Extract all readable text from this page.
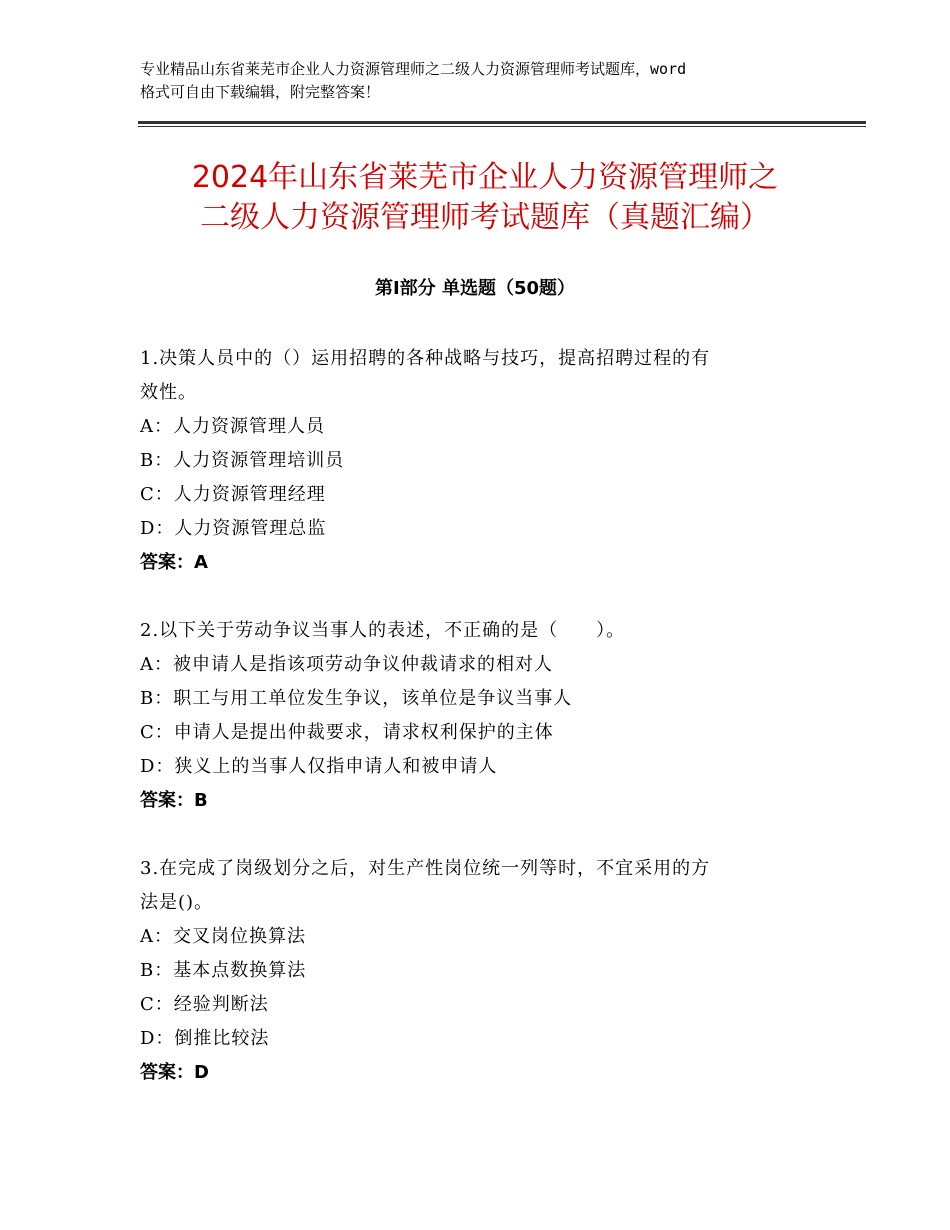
专业精品山东省莱芜市企业人力资源管理师之二级人力资源管理师考试题库，word
格式可自由下载编辑，附完整答案！
2024年山东省莱芜市企业人力资源管理师之
二级人力资源管理师考试题库（真题汇编）
第Ⅰ部分 单选题（50题）
1.决策人员中的（）运用招聘的各种战略与技巧，提高招聘过程的有
效性。
A：人力资源管理人员
B：人力资源管理培训员
C：人力资源管理经理
D：人力资源管理总监
答案：A
2.以下关于劳动争议当事人的表述，不正确的是（　　）。
A：被申请人是指该项劳动争议仲裁请求的相对人
B：职工与用工单位发生争议，该单位是争议当事人
C：申请人是提出仲裁要求，请求权利保护的主体
D：狭义上的当事人仅指申请人和被申请人
答案：B
3.在完成了岗级划分之后，对生产性岗位统一列等时，不宜采用的方
法是()。
A：交叉岗位换算法
B：基本点数换算法
C：经验判断法
D：倒推比较法
答案：D
